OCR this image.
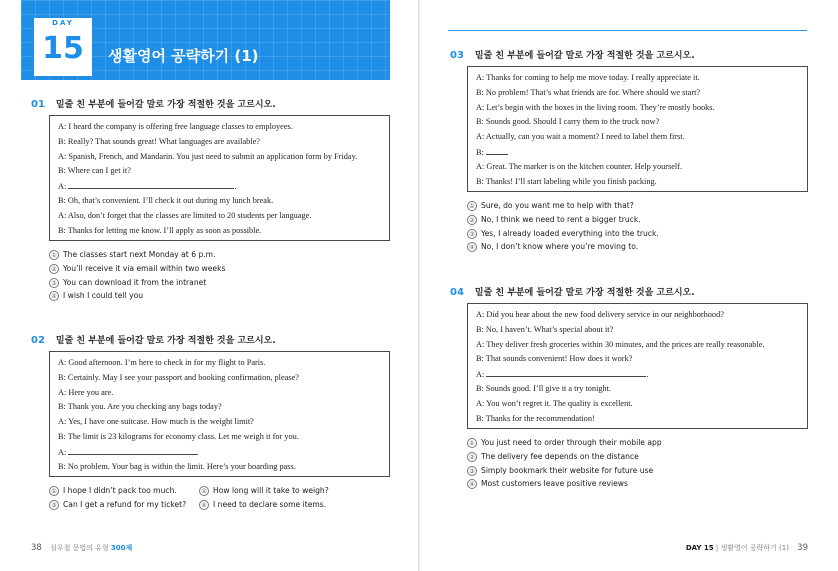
DAY
15	생활영어 공략하기 (1)
01 밑줄 친 부분에 들어갈 말로 가장 적절한 것을 고르시오.
A: I heard the company is offering free language classes to employees.
B: Really? That sounds great! What languages are available?
A: Spanish, French, and Mandarin. You just need to submit an application form by Friday.
B: Where can I get it?
A:	.
B: Oh, that’s convenient. I’ll check it out during my lunch break.
A: Also, don’t forget that the classes are limited to 20 students per language.
B: Thanks for letting me know. I’ll apply as soon as possible.
① The classes start next Monday at 6 p.m.
② You’ll receive it via email within two weeks
③ You can download it from the intranet
④ I wish I could tell you
02 밑줄 친 부분에 들어갈 말로 가장 적절한 것을 고르시오.
A: Good afternoon. I’m here to check in for my flight to Paris.
B: Certainly. May I see your passport and booking confirmation, please?
A: Here you are.
B: Thank you. Are you checking any bags today?
A: Yes, I have one suitcase. How much is the weight limit?
B: The limit is 23 kilograms for economy class. Let me weigh it for you.
A:
B: No problem. Your bag is within the limit. Here’s your boarding pass.
① I hope I didn’t pack too much.	② How long will it take to weigh?
③ Can I get a refund for my ticket?	④ I need to declare some items.
38 심우철 문법의 유형 300제
03 밑줄 친 부분에 들어갈 말로 가장 적절한 것을 고르시오.
A: Thanks for coming to help me move today. I really appreciate it.
B: No problem! That’s what friends are for. Where should we start?
A: Let’s begin with the boxes in the living room. They’re mostly books.
B: Sounds good. Should I carry them to the truck now?
A: Actually, can you wait a moment? I need to label them first.
B:
A: Great. The marker is on the kitchen counter. Help yourself.
B: Thanks! I’ll start labeling while you finish packing.
① Sure, do you want me to help with that?
② No, I think we need to rent a bigger truck.
③ Yes, I already loaded everything into the truck.
④ No, I don’t know where you’re moving to.
04 밑줄 친 부분에 들어갈 말로 가장 적절한 것을 고르시오.
A: Did you hear about the new food delivery service in our neighborhood?
B: No, I haven’t. What’s special about it?
A: They deliver fresh groceries within 30 minutes, and the prices are really reasonable.
B: That sounds convenient! How does it work?
A:	.
B: Sounds good. I’ll give it a try tonight.
A: You won’t regret it. The quality is excellent.
B: Thanks for the recommendation!
① You just need to order through their mobile app
② The delivery fee depends on the distance
③ Simply bookmark their website for future use
④ Most customers leave positive reviews
DAY 15 | 생활영어 공략하기 (1) 39
